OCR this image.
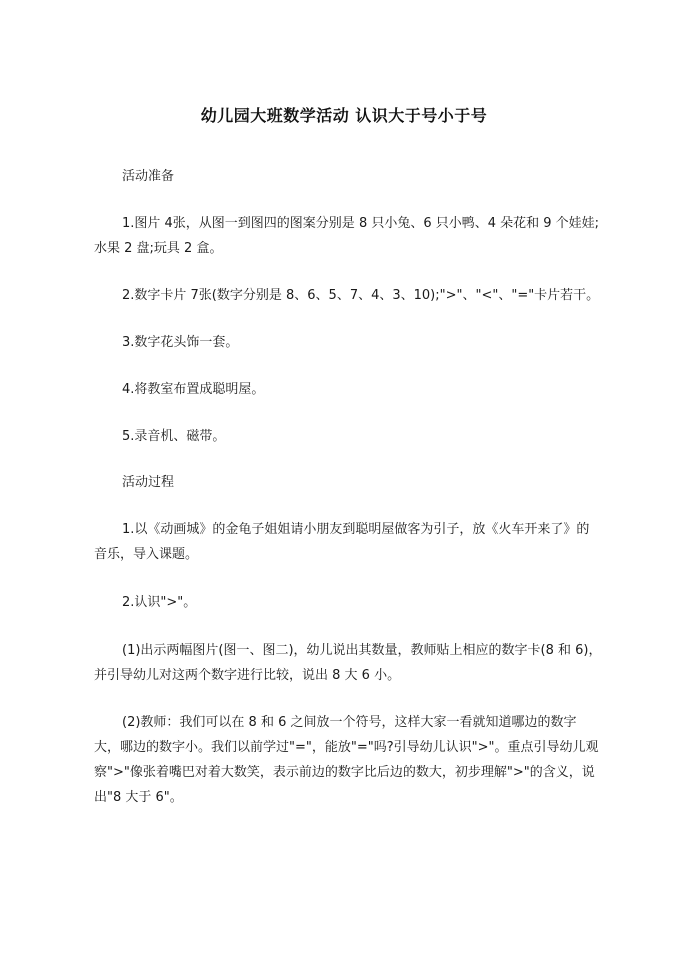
幼儿园大班数学活动 认识大于号小于号
活动准备
1.图片 4张，从图一到图四的图案分别是 8 只小兔、6 只小鸭、4 朵花和 9 个娃娃;水果 2 盘;玩具 2 盒。
2.数字卡片 7张(数字分别是 8、6、5、7、4、3、10);">"、"<"、"="卡片若干。
3.数字花头饰一套。
4.将教室布置成聪明屋。
5.录音机、磁带。
活动过程
1.以《动画城》的金龟子姐姐请小朋友到聪明屋做客为引子，放《火车开来了》的音乐，导入课题。
2.认识">"。
(1)出示两幅图片(图一、图二)，幼儿说出其数量，教师贴上相应的数字卡(8 和 6)，并引导幼儿对这两个数字进行比较，说出 8 大 6 小。
(2)教师：我们可以在 8 和 6 之间放一个符号，这样大家一看就知道哪边的数字大，哪边的数字小。我们以前学过"="，能放"="吗?引导幼儿认识">"。重点引导幼儿观察">"像张着嘴巴对着大数笑，表示前边的数字比后边的数大，初步理解">"的含义，说出"8 大于 6"。
